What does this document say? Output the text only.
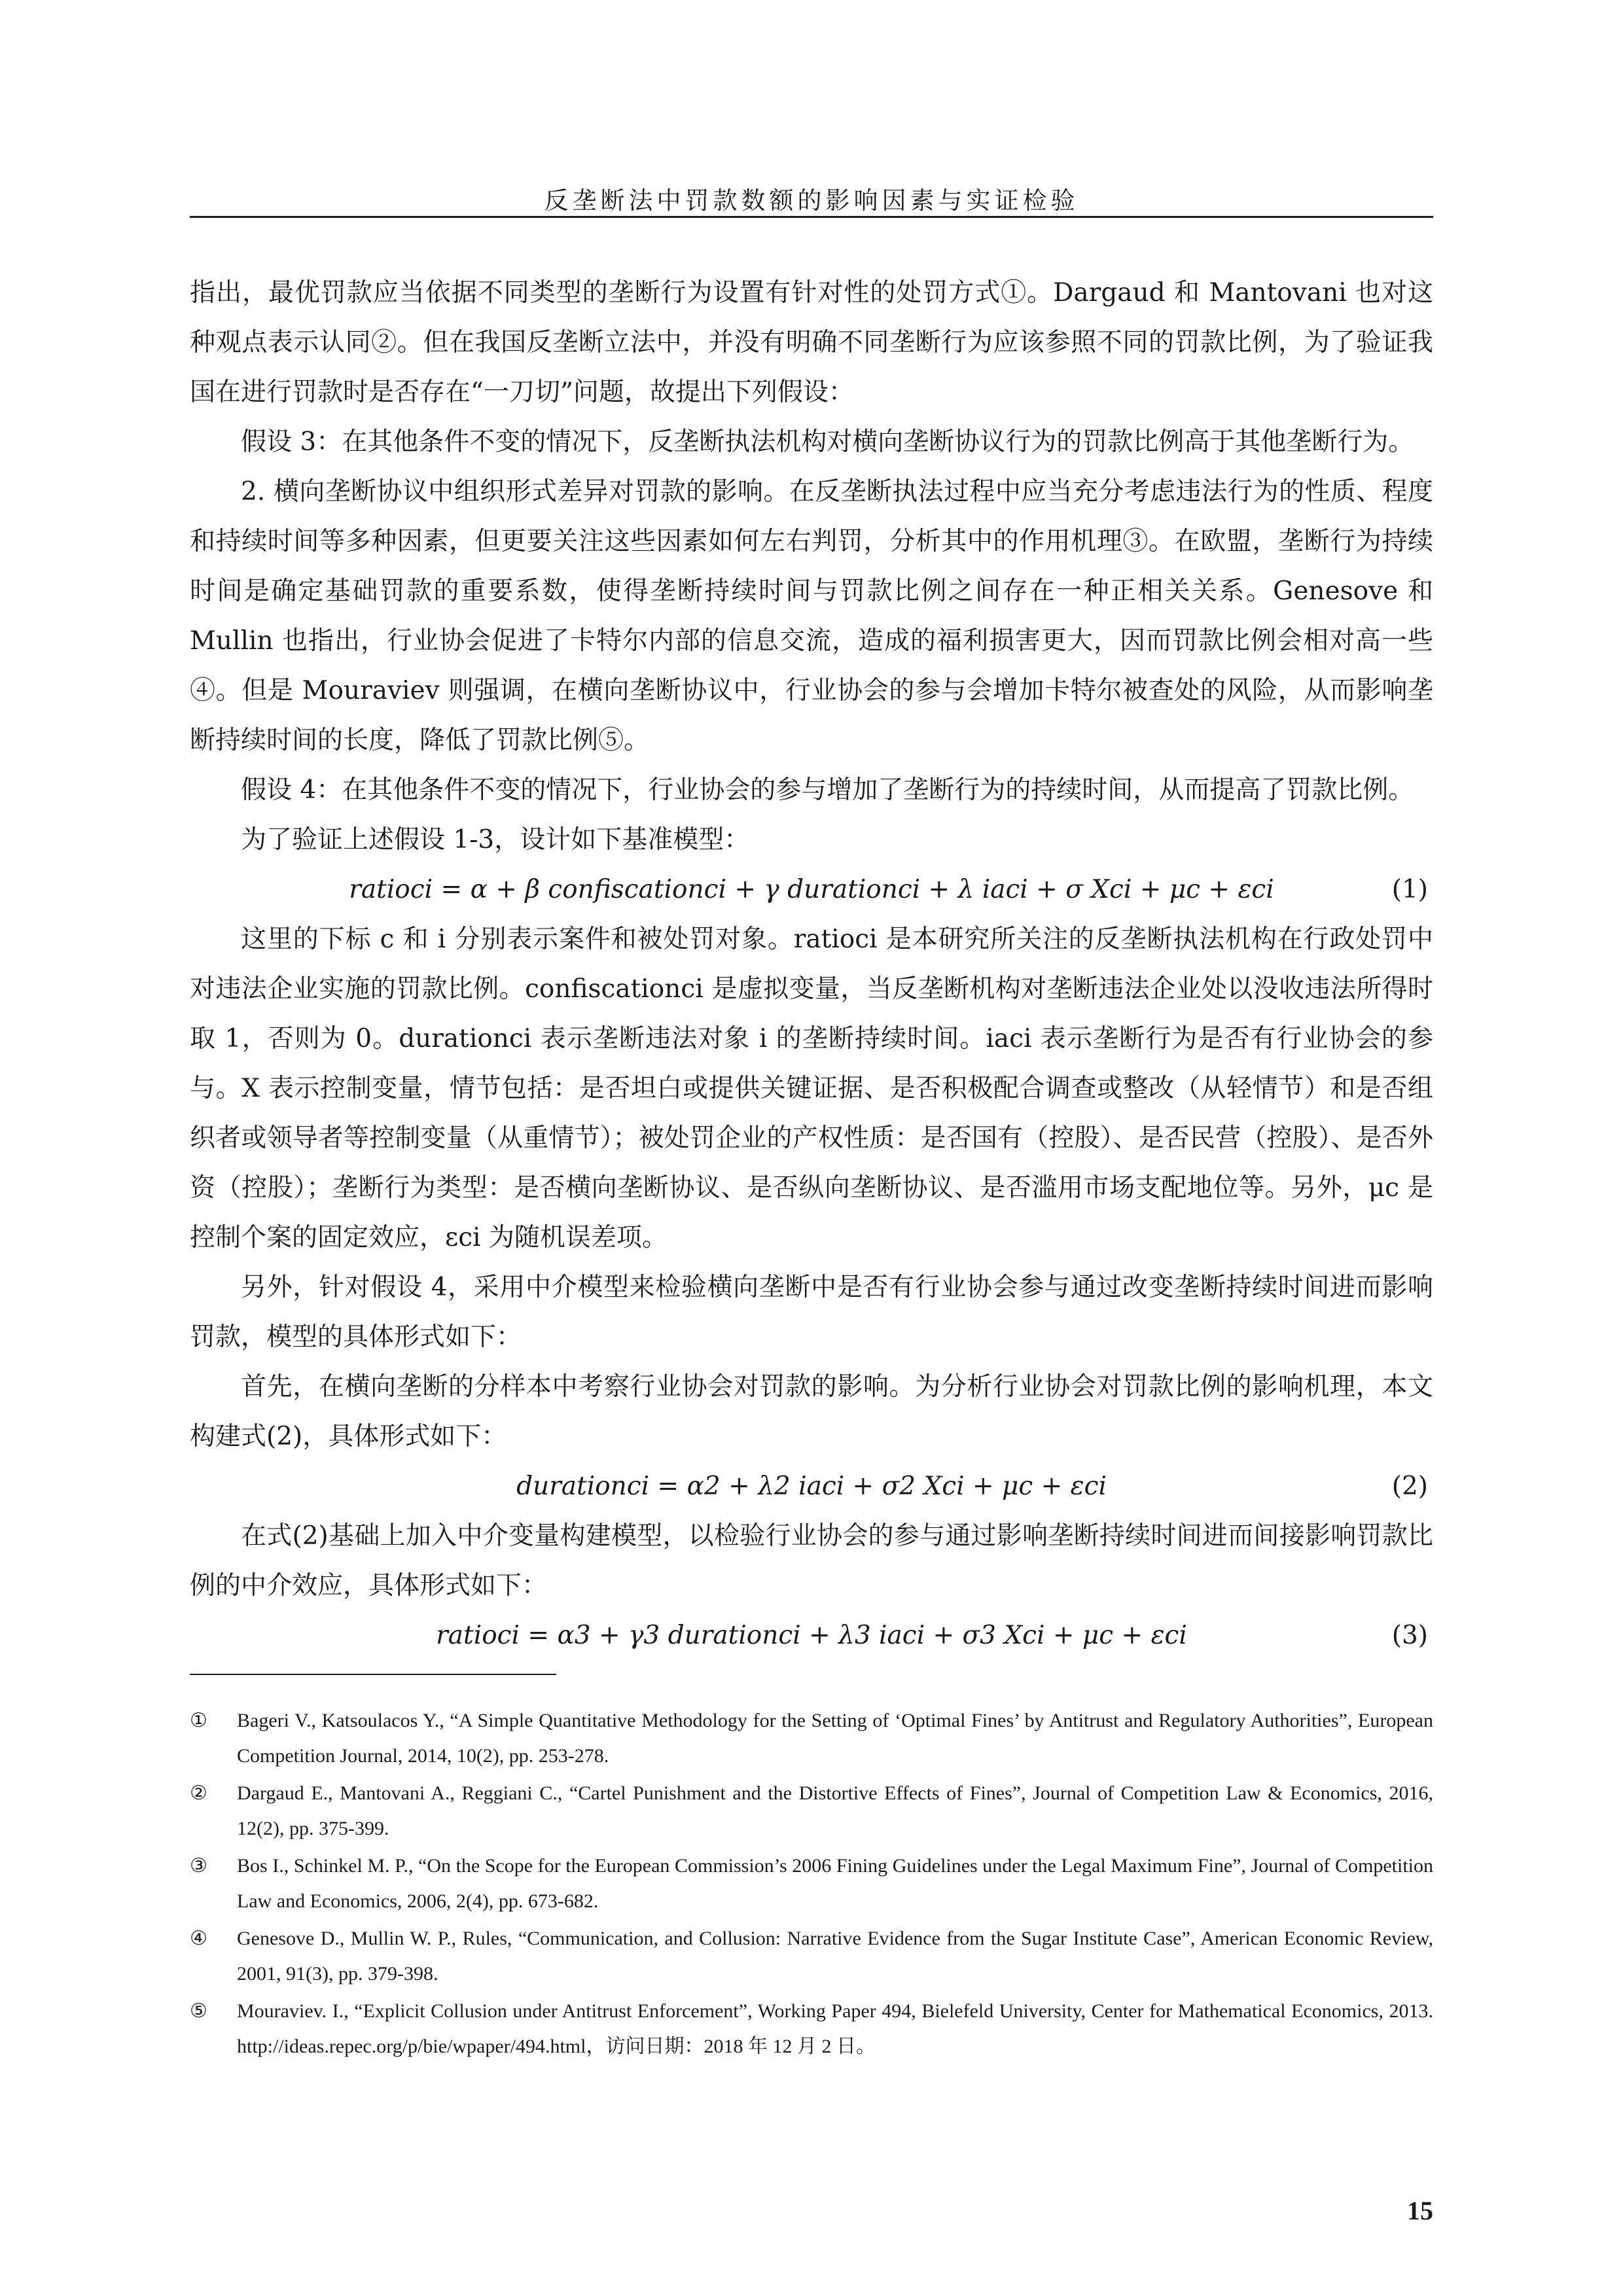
反垄断法中罚款数额的影响因素与实证检验

指出，最优罚款应当依据不同类型的垄断行为设置有针对性的处罚方式①。Dargaud 和 Mantovani 也对这种观点表示认同②。但在我国反垄断立法中，并没有明确不同垄断行为应该参照不同的罚款比例，为了验证我国在进行罚款时是否存在“一刀切”问题，故提出下列假设：

假设 3：在其他条件不变的情况下，反垄断执法机构对横向垄断协议行为的罚款比例高于其他垄断行为。

2. 横向垄断协议中组织形式差异对罚款的影响。在反垄断执法过程中应当充分考虑违法行为的性质、程度和持续时间等多种因素，但更要关注这些因素如何左右判罚，分析其中的作用机理③。在欧盟，垄断行为持续时间是确定基础罚款的重要系数，使得垄断持续时间与罚款比例之间存在一种正相关关系。Genesove 和 Mullin 也指出，行业协会促进了卡特尔内部的信息交流，造成的福利损害更大，因而罚款比例会相对高一些④。但是 Mouraviev 则强调，在横向垄断协议中，行业协会的参与会增加卡特尔被查处的风险，从而影响垄断持续时间的长度，降低了罚款比例⑤。

假设 4：在其他条件不变的情况下，行业协会的参与增加了垄断行为的持续时间，从而提高了罚款比例。

为了验证上述假设 1-3，设计如下基准模型：

ratioci = α + β confiscationci + γ durationci + λ iaci + σ Xci + μc + εci	(1)

这里的下标 c 和 i 分别表示案件和被处罚对象。ratioci 是本研究所关注的反垄断执法机构在行政处罚中对违法企业实施的罚款比例。confiscationci 是虚拟变量，当反垄断机构对垄断违法企业处以没收违法所得时取 1，否则为 0。durationci 表示垄断违法对象 i 的垄断持续时间。iaci 表示垄断行为是否有行业协会的参与。X 表示控制变量，情节包括：是否坦白或提供关键证据、是否积极配合调查或整改（从轻情节）和是否组织者或领导者等控制变量（从重情节）；被处罚企业的产权性质：是否国有（控股）、是否民营（控股）、是否外资（控股）；垄断行为类型：是否横向垄断协议、是否纵向垄断协议、是否滥用市场支配地位等。另外，μc 是控制个案的固定效应，εci 为随机误差项。

另外，针对假设 4，采用中介模型来检验横向垄断中是否有行业协会参与通过改变垄断持续时间进而影响罚款，模型的具体形式如下：

首先，在横向垄断的分样本中考察行业协会对罚款的影响。为分析行业协会对罚款比例的影响机理，本文构建式(2)，具体形式如下：

durationci = α2 + λ2 iaci + σ2 Xci + μc + εci	(2)

在式(2)基础上加入中介变量构建模型，以检验行业协会的参与通过影响垄断持续时间进而间接影响罚款比例的中介效应，具体形式如下：

ratioci = α3 + γ3 durationci + λ3 iaci + σ3 Xci + μc + εci	(3)
① Bageri V., Katsoulacos Y., “A Simple Quantitative Methodology for the Setting of ‘Optimal Fines’ by Antitrust and Regulatory Authorities”, European Competition Journal, 2014, 10(2), pp. 253-278.
② Dargaud E., Mantovani A., Reggiani C., “Cartel Punishment and the Distortive Effects of Fines”, Journal of Competition Law & Economics, 2016, 12(2), pp. 375-399.
③ Bos I., Schinkel M. P., “On the Scope for the European Commission’s 2006 Fining Guidelines under the Legal Maximum Fine”, Journal of Competition Law and Economics, 2006, 2(4), pp. 673-682.
④ Genesove D., Mullin W. P., Rules, “Communication, and Collusion: Narrative Evidence from the Sugar Institute Case”, American Economic Review, 2001, 91(3), pp. 379-398.
⑤ Mouraviev. I., “Explicit Collusion under Antitrust Enforcement”, Working Paper 494, Bielefeld University, Center for Mathematical Economics, 2013. http://ideas.repec.org/p/bie/wpaper/494.html，访问日期：2018 年 12 月 2 日。
15
